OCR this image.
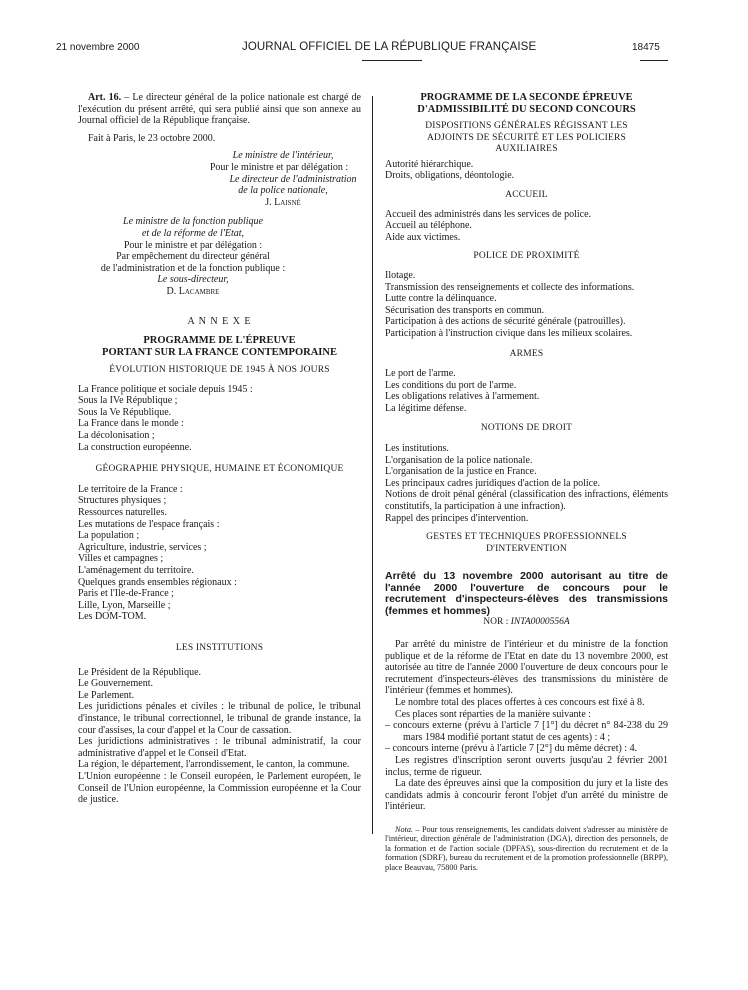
21 novembre 2000	JOURNAL OFFICIEL DE LA RÉPUBLIQUE FRANÇAISE	18475

Art. 16. – Le directeur général de la police nationale est chargé de l'exécution du présent arrêté, qui sera publié ainsi que son annexe au Journal officiel de la République française.

Fait à Paris, le 23 octobre 2000.

Le ministre de l'intérieur,

Pour le ministre et par délégation :

Le directeur de l'administration

de la police nationale,

J. Laisné

Le ministre de la fonction publique

et de la réforme de l'Etat,

Pour le ministre et par délégation :

Par empêchement du directeur général

de l'administration et de la fonction publique :

Le sous-directeur,

D. Lacambre

A N N E X E

PROGRAMME DE L'ÉPREUVE

PORTANT SUR LA FRANCE CONTEMPORAINE

ÉVOLUTION HISTORIQUE DE 1945 À NOS JOURS

La France politique et sociale depuis 1945 :

Sous la IVe République ;

Sous la Ve République.

La France dans le monde :

La décolonisation ;

La construction européenne.

GÉOGRAPHIE PHYSIQUE, HUMAINE ET ÉCONOMIQUE

Le territoire de la France :

Structures physiques ;

Ressources naturelles.

Les mutations de l'espace français :

La population ;

Agriculture, industrie, services ;

Villes et campagnes ;

L'aménagement du territoire.

Quelques grands ensembles régionaux :

Paris et l'Ile-de-France ;

Lille, Lyon, Marseille ;

Les DOM-TOM.

LES INSTITUTIONS

Le Président de la République.

Le Gouvernement.

Le Parlement.

Les juridictions pénales et civiles : le tribunal de police, le tribunal d'instance, le tribunal correctionnel, le tribunal de grande instance, la cour d'assises, la cour d'appel et la Cour de cassation.

Les juridictions administratives : le tribunal administratif, la cour administrative d'appel et le Conseil d'Etat.

La région, le département, l'arrondissement, le canton, la commune.

L'Union européenne : le Conseil européen, le Parlement européen, le Conseil de l'Union européenne, la Commission européenne et la Cour de justice.

PROGRAMME DE LA SECONDE ÉPREUVE

D'ADMISSIBILITÉ DU SECOND CONCOURS

DISPOSITIONS GÉNÉRALES RÉGISSANT LES ADJOINTS DE SÉCURITÉ ET LES POLICIERS AUXILIAIRES

Autorité hiérarchique.

Droits, obligations, déontologie.

ACCUEIL

Accueil des administrés dans les services de police.

Accueil au téléphone.

Aide aux victimes.

POLICE DE PROXIMITÉ

Ilotage.

Transmission des renseignements et collecte des informations.

Lutte contre la délinquance.

Sécurisation des transports en commun.

Participation à des actions de sécurité générale (patrouilles).

Participation à l'instruction civique dans les milieux scolaires.

ARMES

Le port de l'arme.

Les conditions du port de l'arme.

Les obligations relatives à l'armement.

La légitime défense.

NOTIONS DE DROIT

Les institutions.

L'organisation de la police nationale.

L'organisation de la justice en France.

Les principaux cadres juridiques d'action de la police.

Notions de droit pénal général (classification des infractions, éléments constitutifs, la participation à une infraction).

Rappel des principes d'intervention.

GESTES ET TECHNIQUES PROFESSIONNELS D'INTERVENTION

Arrêté du 13 novembre 2000 autorisant au titre de l'année 2000 l'ouverture de concours pour le recrutement d'inspecteurs-élèves des transmissions (femmes et hommes)

NOR : INTA0000556A

Par arrêté du ministre de l'intérieur et du ministre de la fonction publique et de la réforme de l'Etat en date du 13 novembre 2000, est autorisée au titre de l'année 2000 l'ouverture de deux concours pour le recrutement d'inspecteurs-élèves des transmissions du ministère de l'intérieur (femmes et hommes).

Le nombre total des places offertes à ces concours est fixé à 8.

Ces places sont réparties de la manière suivante :

– concours externe (prévu à l'article 7 [1°] du décret n° 84-238 du 29 mars 1984 modifié portant statut de ces agents) : 4 ;

– concours interne (prévu à l'article 7 [2°] du même décret) : 4.

Les registres d'inscription seront ouverts jusqu'au 2 février 2001 inclus, terme de rigueur.

La date des épreuves ainsi que la composition du jury et la liste des candidats admis à concourir feront l'objet d'un arrêté du ministre de l'intérieur.

Nota. – Pour tous renseignements, les candidats doivent s'adresser au ministère de l'intérieur, direction générale de l'administration (DGA), direction des personnels, de la formation et de l'action sociale (DPFAS), sous-direction du recrutement et de la formation (SDRF), bureau du recrutement et de la promotion professionnelle (BRPP), place Beauvau, 75800 Paris.
